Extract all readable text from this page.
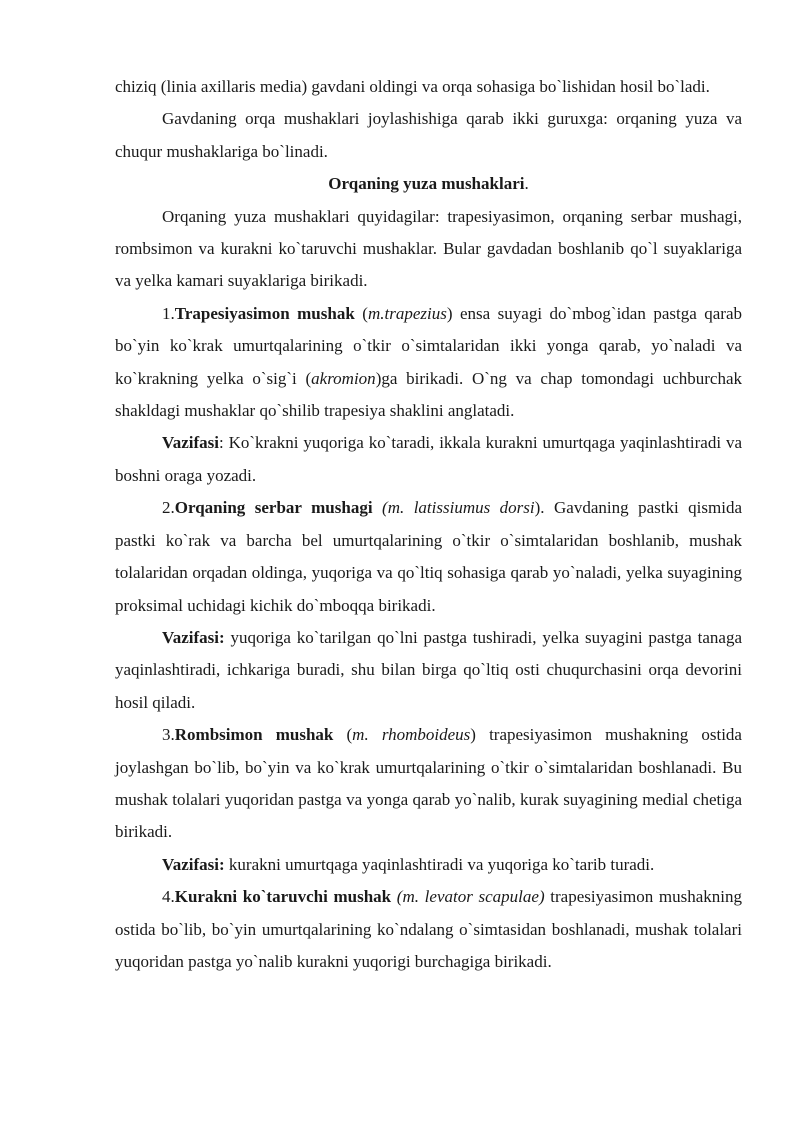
chiziq (linia axillaris media) gavdani oldingi va orqa sohasiga bo`lishidan hosil bo`ladi.

Gavdaning orqa mushaklari joylashishiga qarab ikki guruxga: orqaning yuza va chuqur mushaklariga bo`linadi.

Orqaning yuza mushaklari.

Orqaning yuza mushaklari quyidagilar: trapesiyasimon, orqaning serbar mushagi, rombsimon va kurakni ko`taruvchi mushaklar. Bular gavdadan boshlanib qo`l suyaklariga va yelka kamari suyaklariga birikadi.

1.Trapesiyasimon mushak (m.trapezius) ensa suyagi do`mbog`idan pastga qarab bo`yin ko`krak umurtqalarining o`tkir o`simtalaridan ikki yonga qarab, yo`naladi va ko`krakning yelka o`sig`i (akromion)ga birikadi. O`ng va chap tomondagi uchburchak shakldagi mushaklar qo`shilib trapesiya shaklini anglatadi.

Vazifasi: Ko`krakni yuqoriga ko`taradi, ikkala kurakni umurtqaga yaqinlashtiradi va boshni oraga yozadi.

2.Orqaning serbar mushagi (m. latissiumus dorsi). Gavdaning pastki qismida pastki ko`rak va barcha bel umurtqalarining o`tkir o`simtalaridan boshlanib, mushak tolalaridan orqadan oldinga, yuqoriga va qo`ltiq sohasiga qarab yo`naladi, yelka suyagining proksimal uchidagi kichik do`mboqqa birikadi.

Vazifasi: yuqoriga ko`tarilgan qo`lni pastga tushiradi, yelka suyagini pastga tanaga yaqinlashtiradi, ichkariga buradi, shu bilan birga qo`ltiq osti chuqurchasini orqa devorini hosil qiladi.

3.Rombsimon mushak (m. rhomboideus) trapesiyasimon mushakning ostida joylashgan bo`lib, bo`yin va ko`krak umurtqalarining o`tkir o`simtalaridan boshlanadi. Bu mushak tolalari yuqoridan pastga va yonga qarab yo`nalib, kurak suyagining medial chetiga birikadi.

Vazifasi: kurakni umurtqaga yaqinlashtiradi va yuqoriga ko`tarib turadi.

4.Kurakni ko`taruvchi mushak (m. levator scapulae) trapesiyasimon mushakning ostida bo`lib, bo`yin umurtqalarining ko`ndalang o`simtasidan boshlanadi, mushak tolalari yuqoridan pastga yo`nalib kurakni yuqorigi burchagiga birikadi.
